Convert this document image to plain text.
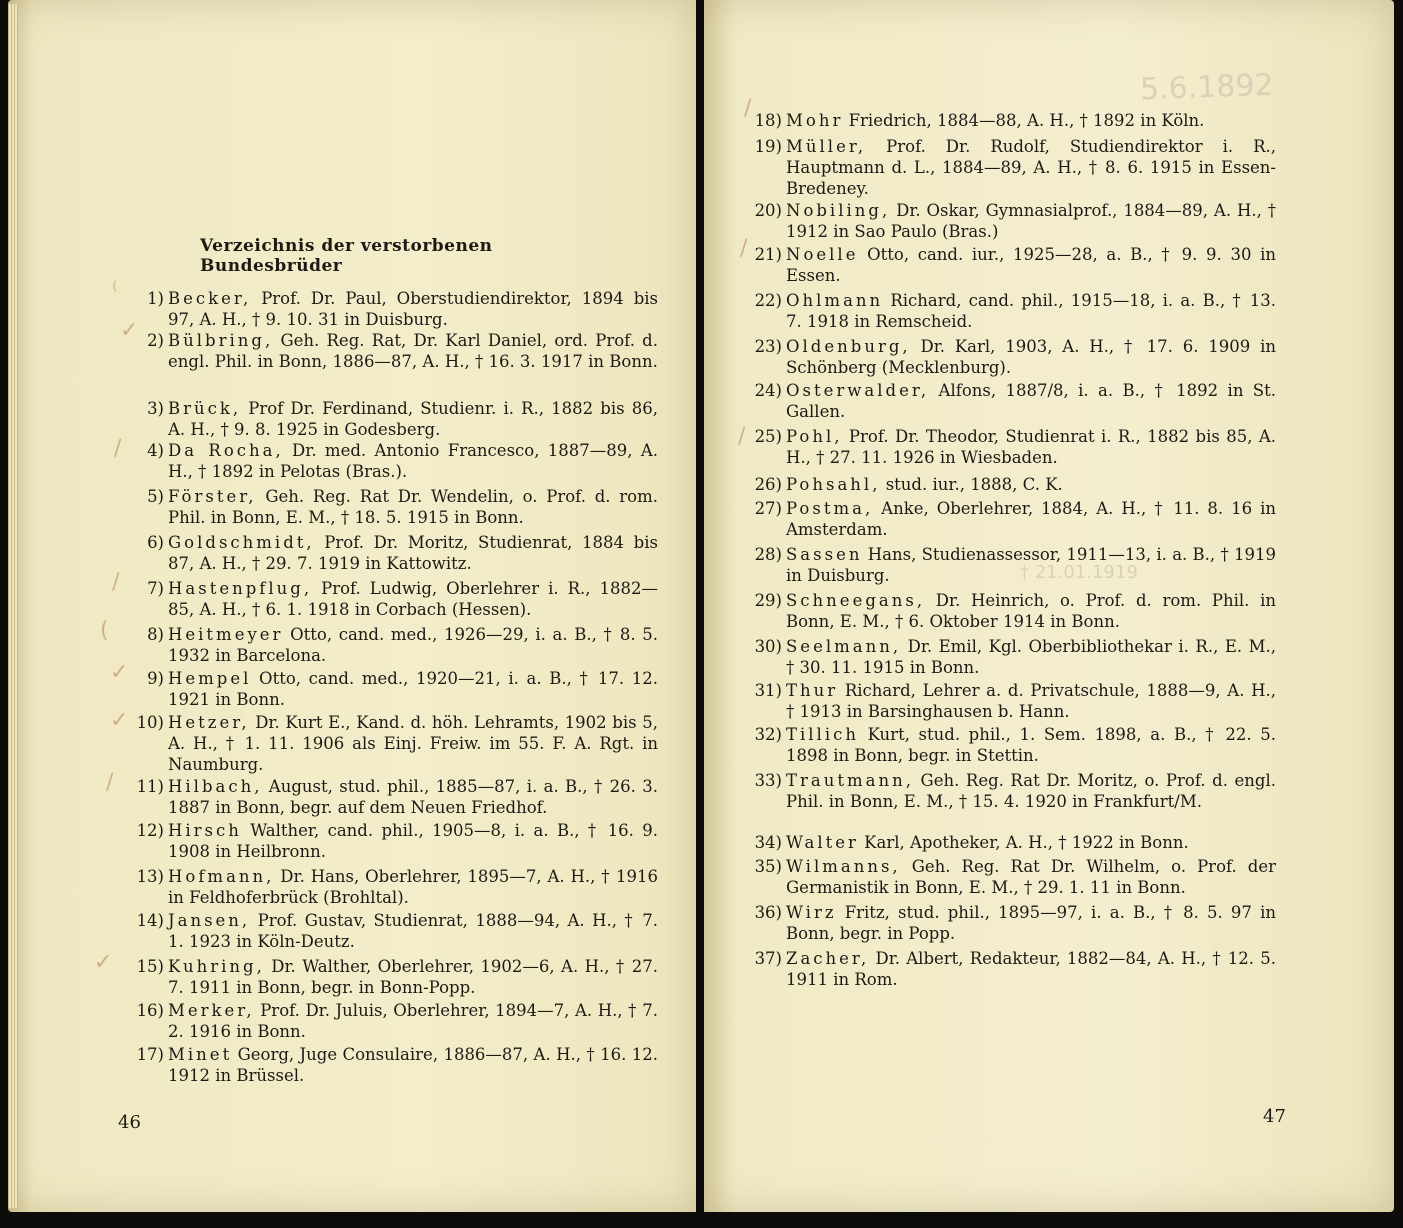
Verzeichnis der verstorbenen Bundesbrüder
1) Becker, Prof. Dr. Paul, Oberstudiendirektor, 1894 bis 97, A. H., † 9. 10. 31 in Duisburg.
2) Bülbring, Geh. Reg. Rat, Dr. Karl Daniel, ord. Prof. d. engl. Phil. in Bonn, 1886—87, A. H., † 16. 3. 1917 in Bonn.
3) Brück, Prof Dr. Ferdinand, Studienr. i. R., 1882 bis 86, A. H., † 9. 8. 1925 in Godesberg.
4) Da Rocha, Dr. med. Antonio Francesco, 1887—89, A. H., † 1892 in Pelotas (Bras.).
5) Förster, Geh. Reg. Rat Dr. Wendelin, o. Prof. d. rom. Phil. in Bonn, E. M., † 18. 5. 1915 in Bonn.
6) Goldschmidt, Prof. Dr. Moritz, Studienrat, 1884 bis 87, A. H., † 29. 7. 1919 in Kattowitz.
7) Hastenpflug, Prof. Ludwig, Oberlehrer i. R., 1882—85, A. H., † 6. 1. 1918 in Corbach (Hessen).
8) Heitmeyer Otto, cand. med., 1926—29, i. a. B., † 8. 5. 1932 in Barcelona.
9) Hempel Otto, cand. med., 1920—21, i. a. B., † 17. 12. 1921 in Bonn.
10) Hetzer, Dr. Kurt E., Kand. d. höh. Lehramts, 1902 bis 5, A. H., † 1. 11. 1906 als Einj. Freiw. im 55. F. A. Rgt. in Naumburg.
11) Hilbach, August, stud. phil., 1885—87, i. a. B., † 26. 3. 1887 in Bonn, begr. auf dem Neuen Friedhof.
12) Hirsch Walther, cand. phil., 1905—8, i. a. B., † 16. 9. 1908 in Heilbronn.
13) Hofmann, Dr. Hans, Oberlehrer, 1895—7, A. H., † 1916 in Feldhoferbrück (Brohltal).
14) Jansen, Prof. Gustav, Studienrat, 1888—94, A. H., † 7. 1. 1923 in Köln-Deutz.
15) Kuhring, Dr. Walther, Oberlehrer, 1902—6, A. H., † 27. 7. 1911 in Bonn, begr. in Bonn-Popp.
16) Merker, Prof. Dr. Juluis, Oberlehrer, 1894—7, A. H., † 7. 2. 1916 in Bonn.
17) Minet Georg, Juge Consulaire, 1886—87, A. H., † 16. 12. 1912 in Brüssel.
18) Mohr Friedrich, 1884—88, A. H., † 1892 in Köln.
19) Müller, Prof. Dr. Rudolf, Studiendirektor i. R., Hauptmann d. L., 1884—89, A. H., † 8. 6. 1915 in Essen-Bredeney.
20) Nobiling, Dr. Oskar, Gymnasialprof., 1884—89, A. H., † 1912 in Sao Paulo (Bras.)
21) Noelle Otto, cand. iur., 1925—28, a. B., † 9. 9. 30 in Essen.
22) Ohlmann Richard, cand. phil., 1915—18, i. a. B., † 13. 7. 1918 in Remscheid.
23) Oldenburg, Dr. Karl, 1903, A. H., † 17. 6. 1909 in Schönberg (Mecklenburg).
24) Osterwalder, Alfons, 1887/8, i. a. B., † 1892 in St. Gallen.
25) Pohl, Prof. Dr. Theodor, Studienrat i. R., 1882 bis 85, A. H., † 27. 11. 1926 in Wiesbaden.
26) Pohsahl, stud. iur., 1888, C. K.
27) Postma, Anke, Oberlehrer, 1884, A. H., † 11. 8. 16 in Amsterdam.
28) Sassen Hans, Studienassessor, 1911—13, i. a. B., † 1919 in Duisburg.
29) Schneegans, Dr. Heinrich, o. Prof. d. rom. Phil. in Bonn, E. M., † 6. Oktober 1914 in Bonn.
30) Seelmann, Dr. Emil, Kgl. Oberbibliothekar i. R., E. M., † 30. 11. 1915 in Bonn.
31) Thur Richard, Lehrer a. d. Privatschule, 1888—9, A. H., † 1913 in Barsinghausen b. Hann.
32) Tillich Kurt, stud. phil., 1. Sem. 1898, a. B., † 22. 5. 1898 in Bonn, begr. in Stettin.
33) Trautmann, Geh. Reg. Rat Dr. Moritz, o. Prof. d. engl. Phil. in Bonn, E. M., † 15. 4. 1920 in Frankfurt/M.
34) Walter Karl, Apotheker, A. H., † 1922 in Bonn.
35) Wilmanns, Geh. Reg. Rat Dr. Wilhelm, o. Prof. der Germanistik in Bonn, E. M., † 29. 1. 11 in Bonn.
36) Wirz Fritz, stud. phil., 1895—97, i. a. B., † 8. 5. 97 in Bonn, begr. in Popp.
37) Zacher, Dr. Albert, Redakteur, 1882—84, A. H., † 12. 5. 1911 in Rom.
5.6.1892
† 21.01.1919
46	47
⁽
✓
/
/
(
✓
✓
/
✓
/
/
/
